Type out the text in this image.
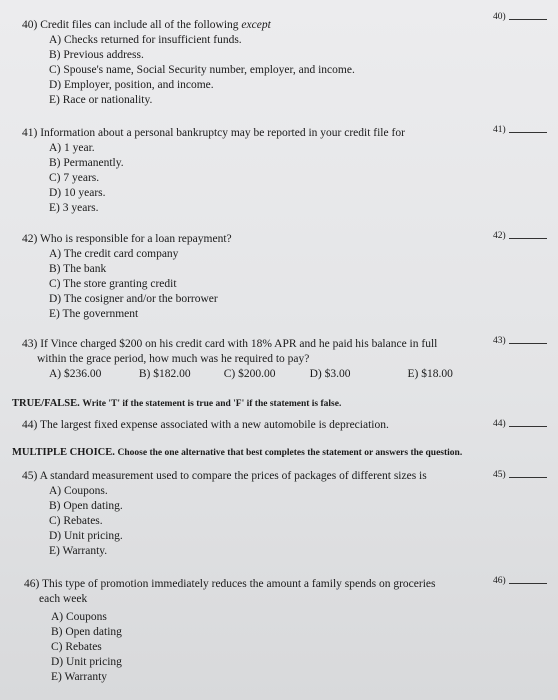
40)
40) Credit files can include all of the following except
A) Checks returned for insufficient funds.
B) Previous address.
C) Spouse's name, Social Security number, employer, and income.
D) Employer, position, and income.
E) Race or nationality.
41)
41) Information about a personal bankruptcy may be reported in your credit file for
A) 1 year.
B) Permanently.
C) 7 years.
D) 10 years.
E) 3 years.
42)
42) Who is responsible for a loan repayment?
A) The credit card company
B) The bank
C) The store granting credit
D) The cosigner and/or the borrower
E) The government
43)
43) If Vince charged $200 on his credit card with 18% APR and he paid his balance in full
within the grace period, how much was he required to pay?
A) $236.00	B) $182.00	C) $200.00	D) $3.00	E) $18.00
TRUE/FALSE. Write 'T' if the statement is true and 'F' if the statement is false.
44)
44) The largest fixed expense associated with a new automobile is depreciation.
MULTIPLE CHOICE. Choose the one alternative that best completes the statement or answers the question.
45)
45) A standard measurement used to compare the prices of packages of different sizes is
A) Coupons.
B) Open dating.
C) Rebates.
D) Unit pricing.
E) Warranty.
46)
46) This type of promotion immediately reduces the amount a family spends on groceries
each week
A) Coupons
B) Open dating
C) Rebates
D) Unit pricing
E) Warranty
